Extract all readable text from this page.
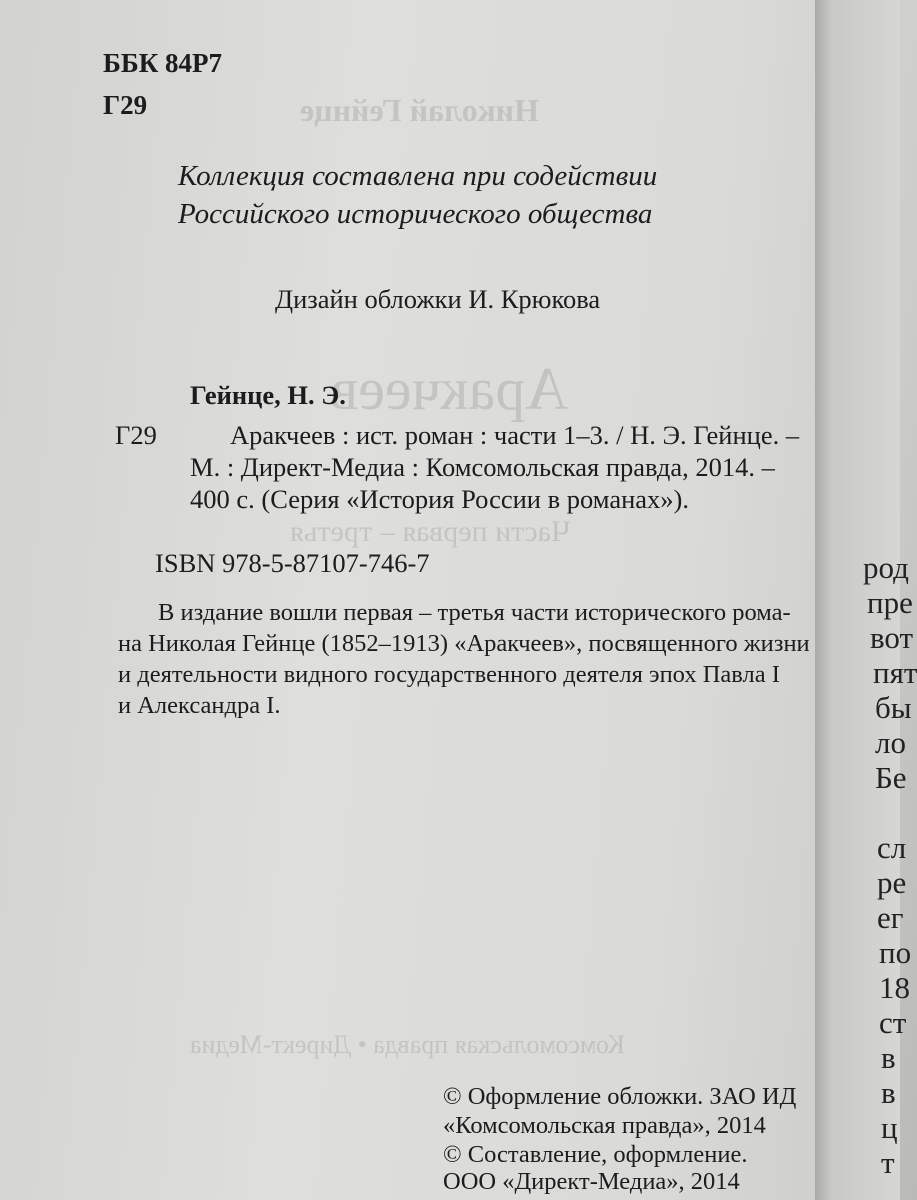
Николай Гейнце
Аракчеев
Части первая – третья
Комсомольская правда • Директ-Медиа
ББК 84Р7
Г29
Коллекция составлена при содействии
Российского исторического общества
Дизайн обложки И. Крюкова
Гейнце, Н. Э.
Г29	Аракчеев : ист. роман : части 1–3. / Н. Э. Гейнце. –
М. : Директ-Медиа : Комсомольская правда, 2014. –
400 с. (Серия «История России в романах»).
ISBN 978-5-87107-746-7
В издание вошли первая – третья части исторического рома-
на Николая Гейнце (1852–1913) «Аракчеев», посвященного жизни
и деятельности видного государственного деятеля эпох Павла I
и Александра I.
© Оформление обложки. ЗАО ИД
«Комсомольская правда», 2014
© Составление, оформление.
ООО «Директ-Медиа», 2014
род
пре
вот
пят
бы
ло
Бе
сл
ре
ег
по
18
ст
в
в
ц
т
